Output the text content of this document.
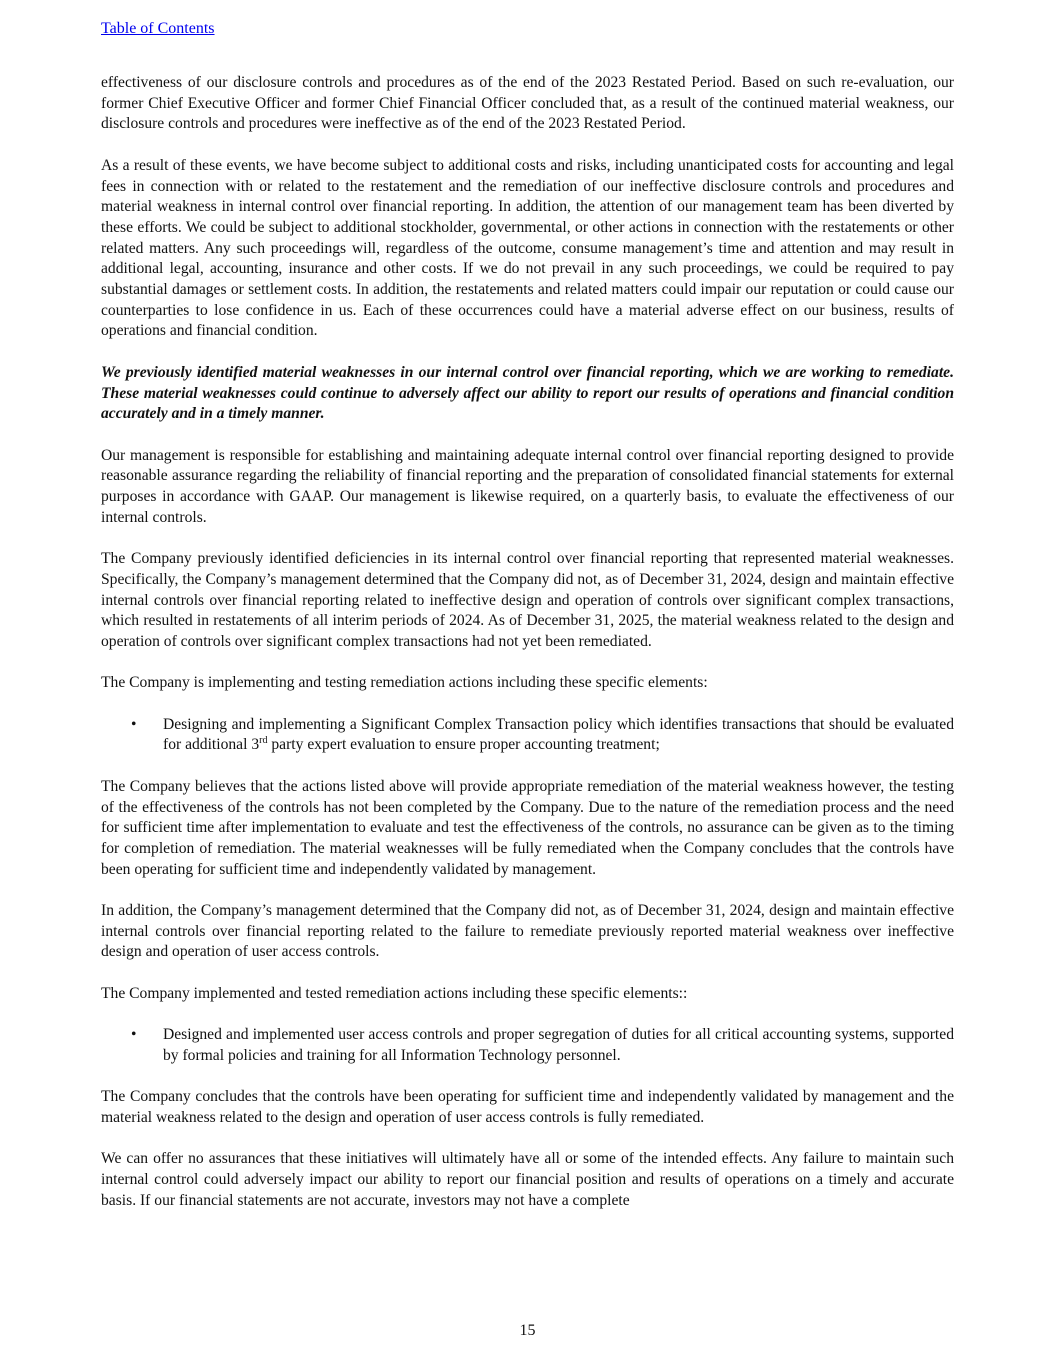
Table of Contents

effectiveness of our disclosure controls and procedures as of the end of the 2023 Restated Period. Based on such re-evaluation, our former Chief Executive Officer and former Chief Financial Officer concluded that, as a result of the continued material weakness, our disclosure controls and procedures were ineffective as of the end of the 2023 Restated Period.

As a result of these events, we have become subject to additional costs and risks, including unanticipated costs for accounting and legal fees in connection with or related to the restatement and the remediation of our ineffective disclosure controls and procedures and material weakness in internal control over financial reporting. In addition, the attention of our management team has been diverted by these efforts. We could be subject to additional stockholder, governmental, or other actions in connection with the restatements or other related matters. Any such proceedings will, regardless of the outcome, consume management’s time and attention and may result in additional legal, accounting, insurance and other costs. If we do not prevail in any such proceedings, we could be required to pay substantial damages or settlement costs. In addition, the restatements and related matters could impair our reputation or could cause our counterparties to lose confidence in us. Each of these occurrences could have a material adverse effect on our business, results of operations and financial condition.

We previously identified material weaknesses in our internal control over financial reporting, which we are working to remediate. These material weaknesses could continue to adversely affect our ability to report our results of operations and financial condition accurately and in a timely manner.

Our management is responsible for establishing and maintaining adequate internal control over financial reporting designed to provide reasonable assurance regarding the reliability of financial reporting and the preparation of consolidated financial statements for external purposes in accordance with GAAP. Our management is likewise required, on a quarterly basis, to evaluate the effectiveness of our internal controls.

The Company previously identified deficiencies in its internal control over financial reporting that represented material weaknesses. Specifically, the Company’s management determined that the Company did not, as of December 31, 2024, design and maintain effective internal controls over financial reporting related to ineffective design and operation of controls over significant complex transactions, which resulted in restatements of all interim periods of 2024. As of December 31, 2025, the material weakness related to the design and operation of controls over significant complex transactions had not yet been remediated.

The Company is implementing and testing remediation actions including these specific elements:

•	Designing and implementing a Significant Complex Transaction policy which identifies transactions that should be evaluated for additional 3rd party expert evaluation to ensure proper accounting treatment;

The Company believes that the actions listed above will provide appropriate remediation of the material weakness however, the testing of the effectiveness of the controls has not been completed by the Company. Due to the nature of the remediation process and the need for sufficient time after implementation to evaluate and test the effectiveness of the controls, no assurance can be given as to the timing for completion of remediation. The material weaknesses will be fully remediated when the Company concludes that the controls have been operating for sufficient time and independently validated by management.

In addition, the Company’s management determined that the Company did not, as of December 31, 2024, design and maintain effective internal controls over financial reporting related to the failure to remediate previously reported material weakness over ineffective design and operation of user access controls.

The Company implemented and tested remediation actions including these specific elements::

•	Designed and implemented user access controls and proper segregation of duties for all critical accounting systems, supported by formal policies and training for all Information Technology personnel.

The Company concludes that the controls have been operating for sufficient time and independently validated by management and the material weakness related to the design and operation of user access controls is fully remediated.

We can offer no assurances that these initiatives will ultimately have all or some of the intended effects. Any failure to maintain such internal control could adversely impact our ability to report our financial position and results of operations on a timely and accurate basis. If our financial statements are not accurate, investors may not have a complete

15
